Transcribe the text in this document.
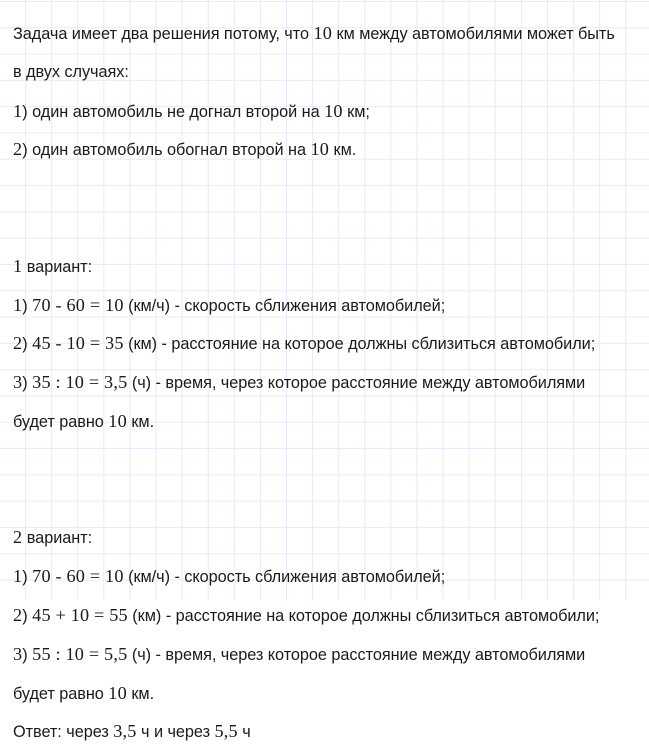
Задача имеет два решения потому, что 10 км между автомобилями может быть
в двух случаях:
1) один автомобиль не догнал второй на 10 км;
2) один автомобиль обогнал второй на 10 км.
1 вариант:
1) 70 - 60 = 10 (км/ч) - скорость сближения автомобилей;
2) 45 - 10 = 35 (км) - расстояние на которое должны сблизиться автомобили;
3) 35 : 10 = 3,5 (ч) - время, через которое расстояние между автомобилями
будет равно 10 км.
2 вариант:
1) 70 - 60 = 10 (км/ч) - скорость сближения автомобилей;
2) 45 + 10 = 55 (км) - расстояние на которое должны сблизиться автомобили;
3) 55 : 10 = 5,5 (ч) - время, через которое расстояние между автомобилями
будет равно 10 км.
Ответ: через 3,5 ч и через 5,5 ч
